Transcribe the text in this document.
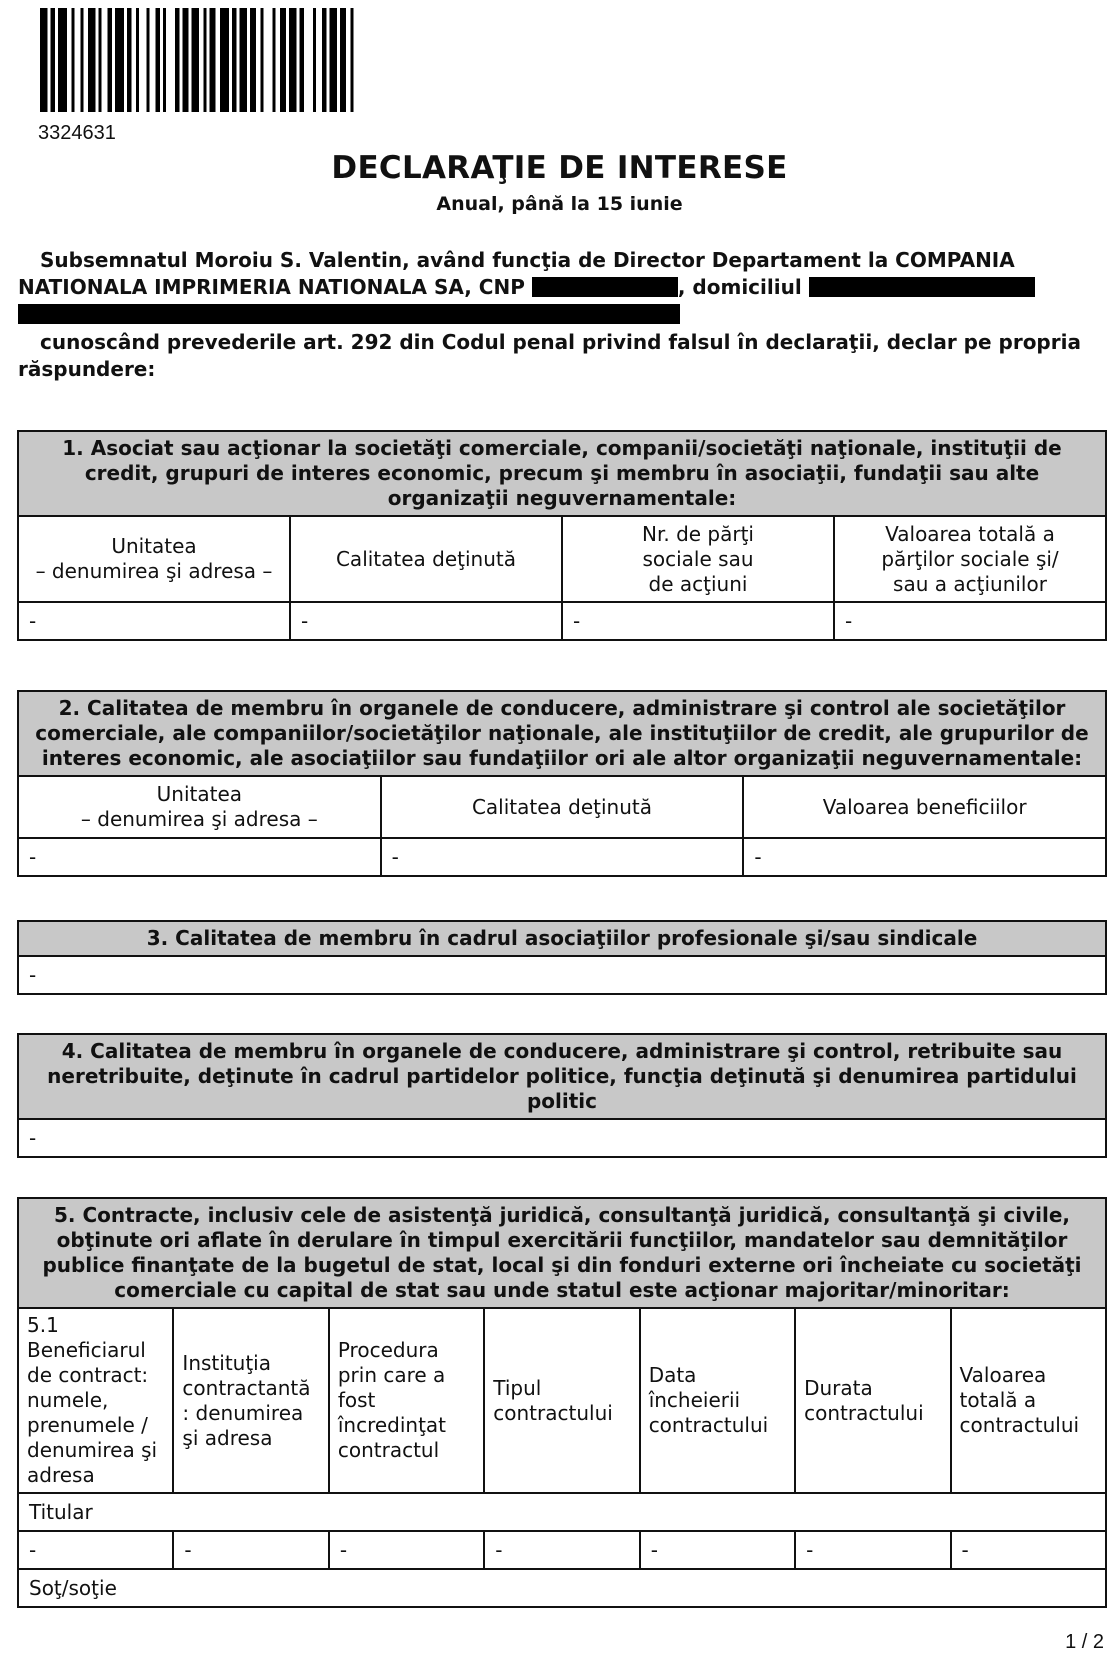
3324631
DECLARAŢIE DE INTERESE
Anual, până la 15 iunie
Subsemnatul Moroiu S. Valentin, având funcţia de Director Departament la COMPANIA
NATIONALA IMPRIMERIA NATIONALA SA, CNP	, domiciliul
cunoscând prevederile art. 292 din Codul penal privind falsul în declaraţii, declar pe propria
răspundere:
1. Asociat sau acţionar la societăţi comerciale, companii/societăţi naţionale, instituţii de credit, grupuri de interes economic, precum şi membru în asociaţii, fundaţii sau alte organizaţii neguvernamentale:			
Unitatea
– denumirea şi adresa –	Calitatea deţinută	Nr. de părţi
sociale sau
de acţiuni	Valoarea totală a
părţilor sociale şi/
sau a acţiunilor
-	-	-	-
2. Calitatea de membru în organele de conducere, administrare şi control ale societăţilor comerciale, ale companiilor/societăţilor naţionale, ale instituţiilor de credit, ale grupurilor de interes economic, ale asociaţiilor sau fundaţiilor ori ale altor organizaţii neguvernamentale:		
Unitatea
– denumirea şi adresa –	Calitatea deţinută	Valoarea beneficiilor
-	-	-
3. Calitatea de membru în cadrul asociaţiilor profesionale şi/sau sindicale
-
4. Calitatea de membru în organele de conducere, administrare şi control, retribuite sau neretribuite, deţinute în cadrul partidelor politice, funcţia deţinută şi denumirea partidului politic
-
5. Contracte, inclusiv cele de asistenţă juridică, consultanţă juridică, consultanţă şi civile, obţinute ori aflate în derulare în timpul exercitării funcţiilor, mandatelor sau demnităţilor publice finanţate de la bugetul de stat, local şi din fonduri externe ori încheiate cu societăţi comerciale cu capital de stat sau unde statul este acţionar majoritar/minoritar:						
5.1 Beneficiarul de contract: numele, prenumele / denumirea şi adresa	Instituţia contractantă : denumirea şi adresa	Procedura prin care a fost încredinţat contractul	Tipul contractului	Data încheierii contractului	Durata contractului	Valoarea totală a contractului
Titular						
-	-	-	-	-	-	-
Soţ/soţie						
1 / 2
